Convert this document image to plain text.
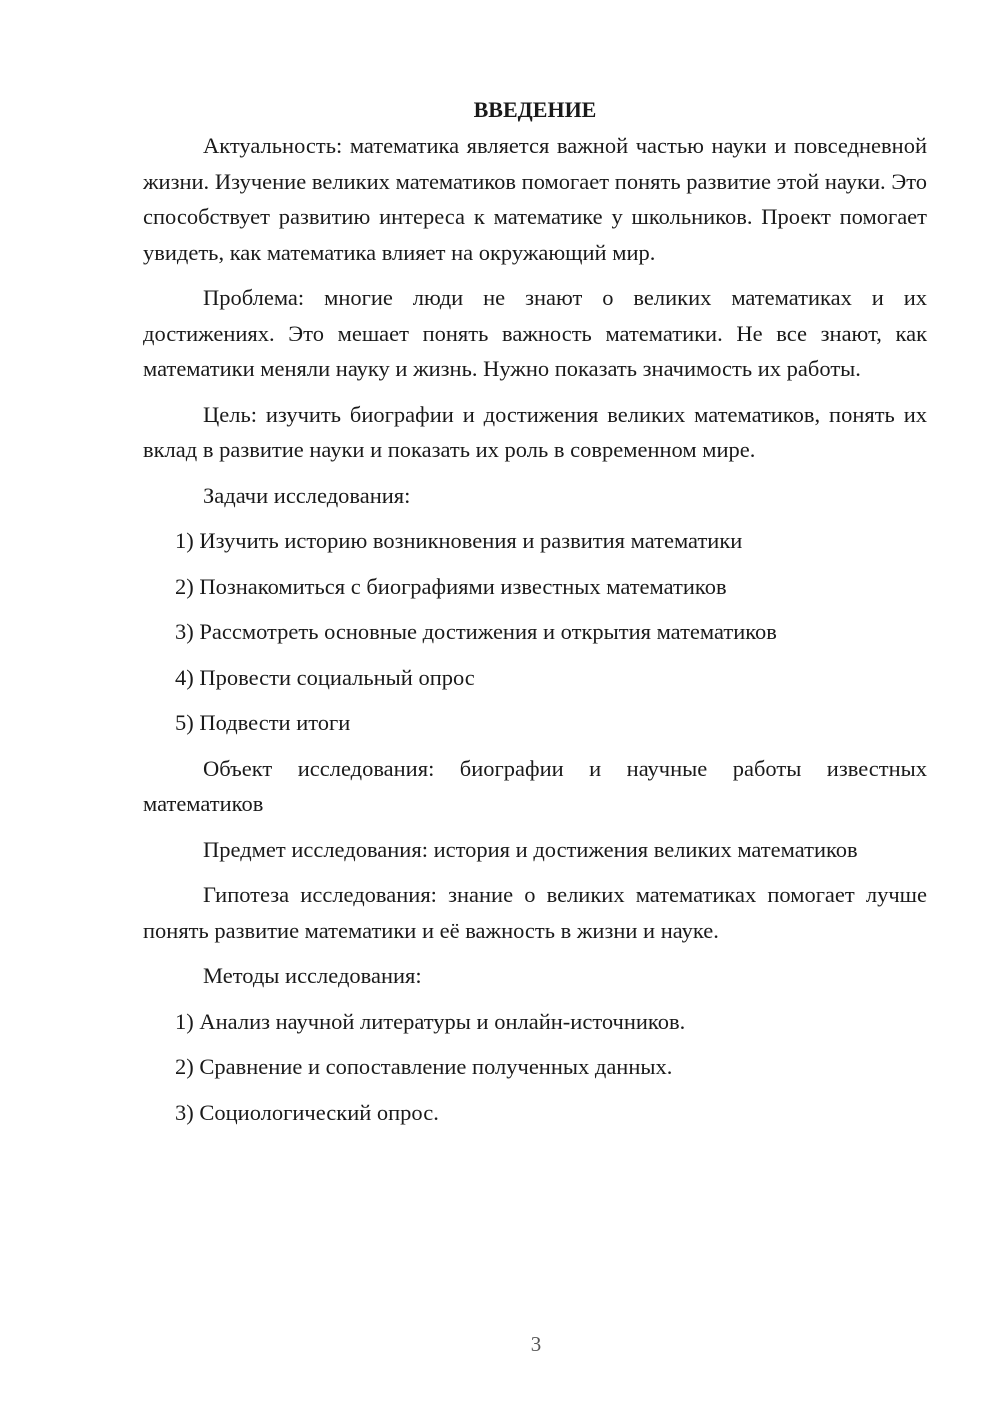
ВВЕДЕНИЕ

Актуальность: математика является важной частью науки и повседневной жизни. Изучение великих математиков помогает понять развитие этой науки. Это способствует развитию интереса к математике у школьников. Проект помогает увидеть, как математика влияет на окружающий мир.

Проблема: многие люди не знают о великих математиках и их достижениях. Это мешает понять важность математики. Не все знают, как математики меняли науку и жизнь. Нужно показать значимость их работы.

Цель: изучить биографии и достижения великих математиков, понять их вклад в развитие науки и показать их роль в современном мире.

Задачи исследования:

1) Изучить историю возникновения и развития математики
2) Познакомиться с биографиями известных математиков
3) Рассмотреть основные достижения и открытия математиков
4) Провести социальный опрос
5) Подвести итоги

Объект исследования: биографии и научные работы известных математиков

Предмет исследования: история и достижения великих математиков

Гипотеза исследования: знание о великих математиках помогает лучше понять развитие математики и её важность в жизни и науке.

Методы исследования:

1) Анализ научной литературы и онлайн-источников.
2) Сравнение и сопоставление полученных данных.
3) Социологический опрос.
3
